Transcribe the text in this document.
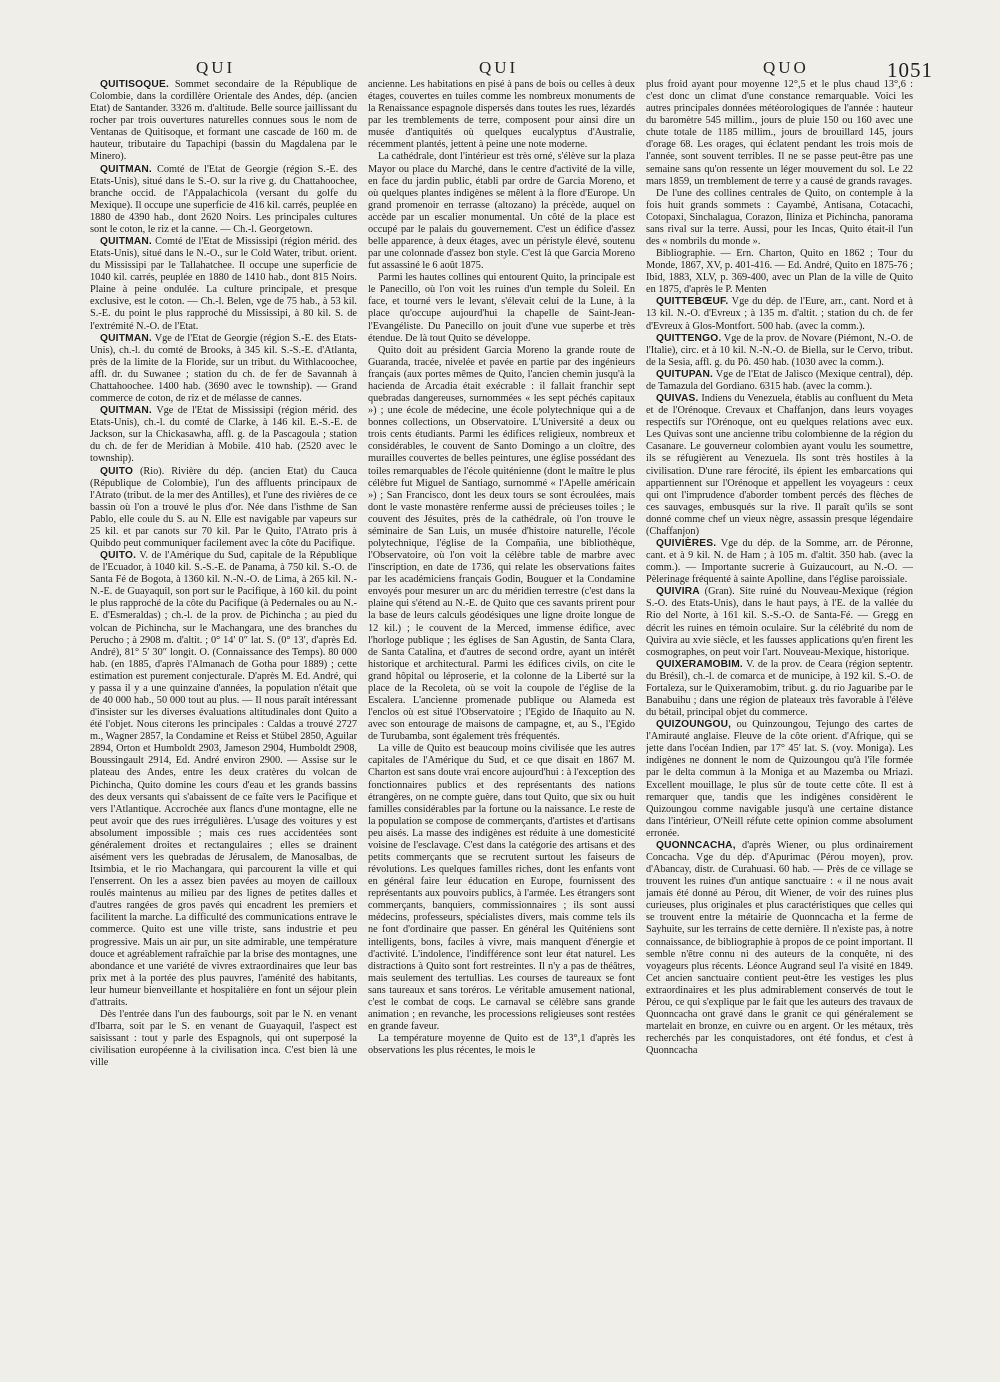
QUI	QUI	QUO	1051

QUITISOQUE. Sommet secondaire de la République de Colombie, dans la cordillère Orientale des Andes, dép. (ancien Etat) de Santander. 3326 m. d'altitude. Belle source jaillissant du rocher par trois ouvertures naturelles connues sous le nom de Ventanas de Quitisoque, et formant une cascade de 160 m. de hauteur, tributaire du Tapachipi (bassin du Magdalena par le Minero).

QUITMAN. Comté de l'Etat de Georgie (région S.-E. des Etats-Unis), situé dans le S.-O. sur la rive g. du Chattahoochee, branche occid. de l'Appalachicola (versant du golfe du Mexique). Il occupe une superficie de 416 kil. carrés, peuplée en 1880 de 4390 hab., dont 2620 Noirs. Les principales cultures sont le coton, le riz et la canne. — Ch.-l. Georgetown.

QUITMAN. Comté de l'Etat de Mississipi (région mérid. des Etats-Unis), situé dans le N.-O., sur le Cold Water, tribut. orient. du Mississipi par le Tallahatchee. Il occupe une superficie de 1040 kil. carrés, peuplée en 1880 de 1410 hab., dont 815 Noirs. Plaine à peine ondulée. La culture principale, et presque exclusive, est le coton. — Ch.-l. Belen, vge de 75 hab., à 53 kil. S.-E. du point le plus rapproché du Mississipi, à 80 kil. S. de l'extrémité N.-O. de l'Etat.

QUITMAN. Vge de l'Etat de Georgie (région S.-E. des Etats-Unis), ch.-l. du comté de Brooks, à 345 kil. S.-S.-E. d'Atlanta, près de la limite de la Floride, sur un tribut. du Withlacoochee, affl. dr. du Suwanee ; station du ch. de fer de Savannah à Chattahoochee. 1400 hab. (3690 avec le township). — Grand commerce de coton, de riz et de mélasse de cannes.

QUITMAN. Vge de l'Etat de Mississipi (région mérid. des Etats-Unis), ch.-l. du comté de Clarke, à 146 kil. E.-S.-E. de Jackson, sur la Chickasawha, affl. g. de la Pascagoula ; station du ch. de fer de Meridian à Mobile. 410 hab. (2520 avec le township).

QUITO (Rio). Rivière du dép. (ancien Etat) du Cauca (République de Colombie), l'un des affluents principaux de l'Atrato (tribut. de la mer des Antilles), et l'une des rivières de ce bassin où l'on a trouvé le plus d'or. Née dans l'isthme de San Pablo, elle coule du S. au N. Elle est navigable par vapeurs sur 25 kil. et par canots sur 70 kil. Par le Quito, l'Atrato pris à Quibdo peut communiquer facilement avec la côte du Pacifique.

QUITO. V. de l'Amérique du Sud, capitale de la République de l'Ecuador, à 1040 kil. S.-S.-E. de Panama, à 750 kil. S.-O. de Santa Fé de Bogota, à 1360 kil. N.-N.-O. de Lima, à 265 kil. N.-N.-E. de Guayaquil, son port sur le Pacifique, à 160 kil. du point le plus rapproché de la côte du Pacifique (à Pedernales ou au N.-E. d'Esmeraldas) ; ch.-l. de la prov. de Pichincha ; au pied du volcan de Pichincha, sur le Machangara, une des branches du Perucho ; à 2908 m. d'altit. ; 0° 14′ 0″ lat. S. (0° 13′, d'après Ed. André), 81° 5′ 30″ longit. O. (Connaissance des Temps). 80 000 hab. (en 1885, d'après l'Almanach de Gotha pour 1889) ; cette estimation est purement conjecturale. D'après M. Ed. André, qui y passa il y a une quinzaine d'années, la population n'était que de 40 000 hab., 50 000 tout au plus. — Il nous paraît intéressant d'insister sur les diverses évaluations altitudinales dont Quito a été l'objet. Nous citerons les principales : Caldas a trouvé 2727 m., Wagner 2857, la Condamine et Reiss et Stübel 2850, Aguilar 2894, Orton et Humboldt 2903, Jameson 2904, Humboldt 2908, Boussingault 2914, Ed. André environ 2900. — Assise sur le plateau des Andes, entre les deux cratères du volcan de Pichincha, Quito domine les cours d'eau et les grands bassins des deux versants qui s'abaissent de ce faîte vers le Pacifique et vers l'Atlantique. Accrochée aux flancs d'une montagne, elle ne peut avoir que des rues irrégulières. L'usage des voitures y est absolument impossible ; mais ces rues accidentées sont généralement droites et rectangulaires ; elles se drainent aisément vers les quebradas de Jérusalem, de Manosalbas, de Itsimbia, et le rio Machangara, qui parcourent la ville et qui l'enserrent. On les a assez bien pavées au moyen de cailloux roulés maintenus au milieu par des lignes de petites dalles et d'autres rangées de gros pavés qui encadrent les premiers et facilitent la marche. La difficulté des communications entrave le commerce. Quito est une ville triste, sans industrie et peu progressive. Mais un air pur, un site admirable, une température douce et agréablement rafraîchie par la brise des montagnes, une abondance et une variété de vivres extraordinaires que leur bas prix met à la portée des plus pauvres, l'aménité des habitants, leur humeur bienveillante et hospitalière en font un séjour plein d'attraits.

Dès l'entrée dans l'un des faubourgs, soit par le N. en venant d'Ibarra, soit par le S. en venant de Guayaquil, l'aspect est saisissant : tout y parle des Espagnols, qui ont superposé la civilisation européenne à la civilisation inca. C'est bien là une ville

ancienne. Les habitations en pisé à pans de bois ou celles à deux étages, couvertes en tuiles comme les nombreux monuments de la Renaissance espagnole dispersés dans toutes les rues, lézardés par les tremblements de terre, composent pour ainsi dire un musée d'antiquités où quelques eucalyptus d'Australie, récemment plantés, jettent à peine une note moderne.

La cathédrale, dont l'intérieur est très orné, s'élève sur la plaza Mayor ou place du Marché, dans le centre d'activité de la ville, en face du jardin public, établi par ordre de Garcia Moreno, et où quelques plantes indigènes se mêlent à la flore d'Europe. Un grand promenoir en terrasse (altozano) la précède, auquel on accède par un escalier monumental. Un côté de la place est occupé par le palais du gouvernement. C'est un édifice d'assez belle apparence, à deux étages, avec un péristyle élevé, soutenu par une colonnade d'assez bon style. C'est là que Garcia Moreno fut assassiné le 6 août 1875.

Parmi les hautes collines qui entourent Quito, la principale est le Panecillo, où l'on voit les ruines d'un temple du Soleil. En face, et tourné vers le levant, s'élevait celui de la Lune, à la place qu'occupe aujourd'hui la chapelle de Saint-Jean-l'Evangéliste. Du Panecillo on jouit d'une vue superbe et très étendue. De là tout Quito se développe.

Quito doit au président Garcia Moreno la grande route de Guaranda, tracée, nivelée et pavée en partie par des ingénieurs français (aux portes mêmes de Quito, l'ancien chemin jusqu'à la hacienda de Arcadia était exécrable : il fallait franchir sept quebradas dangereuses, surnommées « les sept péchés capitaux ») ; une école de médecine, une école polytechnique qui a de bonnes collections, un Observatoire. L'Université a deux ou trois cents étudiants. Parmi les édifices religieux, nombreux et considérables, le couvent de Santo Domingo a un cloître, des murailles couvertes de belles peintures, une église possédant des toiles remarquables de l'école quiténienne (dont le maître le plus célèbre fut Miguel de Santiago, surnommé « l'Apelle américain ») ; San Francisco, dont les deux tours se sont écroulées, mais dont le vaste monastère renferme aussi de précieuses toiles ; le couvent des Jésuites, près de la cathédrale, où l'on trouve le séminaire de San Luis, un musée d'histoire naturelle, l'école polytechnique, l'église de la Compañia, une bibliothèque, l'Observatoire, où l'on voit la célèbre table de marbre avec l'inscription, en date de 1736, qui relate les observations faites par les académiciens français Godin, Bouguer et la Condamine envoyés pour mesurer un arc du méridien terrestre (c'est dans la plaine qui s'étend au N.-E. de Quito que ces savants prirent pour la base de leurs calculs géodésiques une ligne droite longue de 12 kil.) ; le couvent de la Merced, immense édifice, avec l'horloge publique ; les églises de San Agustin, de Santa Clara, de Santa Catalina, et d'autres de second ordre, ayant un intérêt historique et architectural. Parmi les édifices civils, on cite le grand hôpital ou léproserie, et la colonne de la Liberté sur la place de la Recoleta, où se voit la coupole de l'église de la Escalera. L'ancienne promenade publique ou Alameda est l'enclos où est situé l'Observatoire ; l'Egido de Iñaquito au N. avec son entourage de maisons de campagne, et, au S., l'Egido de Turubamba, sont également très fréquentés.

La ville de Quito est beaucoup moins civilisée que les autres capitales de l'Amérique du Sud, et ce que disait en 1867 M. Charton est sans doute vrai encore aujourd'hui : à l'exception des fonctionnaires publics et des représentants des nations étrangères, on ne compte guère, dans tout Quito, que six ou huit familles considérables par la fortune ou la naissance. Le reste de la population se compose de commerçants, d'artistes et d'artisans peu aisés. La masse des indigènes est réduite à une domesticité voisine de l'esclavage. C'est dans la catégorie des artisans et des petits commerçants que se recrutent surtout les faiseurs de révolutions. Les quelques familles riches, dont les enfants vont en général faire leur éducation en Europe, fournissent des représentants aux pouvoirs publics, à l'armée. Les étrangers sont commerçants, banquiers, commissionnaires ; ils sont aussi médecins, professeurs, spécialistes divers, mais comme tels ils ne font d'ordinaire que passer. En général les Quiténiens sont intelligents, bons, faciles à vivre, mais manquent d'énergie et d'activité. L'indolence, l'indifférence sont leur état naturel. Les distractions à Quito sont fort restreintes. Il n'y a pas de théâtres, mais seulement des tertullias. Les courses de taureaux se font sans taureaux et sans toréros. Le véritable amusement national, c'est le combat de coqs. Le carnaval se célèbre sans grande animation ; en revanche, les processions religieuses sont restées en grande faveur.

La température moyenne de Quito est de 13°,1 d'après les observations les plus récentes, le mois le

plus froid ayant pour moyenne 12°,5 et le plus chaud 13°,6 : c'est donc un climat d'une constance remarquable. Voici les autres principales données météorologiques de l'année : hauteur du baromètre 545 millim., jours de pluie 150 ou 160 avec une chute totale de 1185 millim., jours de brouillard 145, jours d'orage 68. Les orages, qui éclatent pendant les trois mois de l'année, sont souvent terribles. Il ne se passe peut-être pas une semaine sans qu'on ressente un léger mouvement du sol. Le 22 mars 1859, un tremblement de terre y a causé de grands ravages.

De l'une des collines centrales de Quito, on contemple à la fois huit grands sommets : Cayambé, Antisana, Cotacachi, Cotopaxi, Sinchalagua, Corazon, Iliniza et Pichincha, panorama sans rival sur la terre. Aussi, pour les Incas, Quito était-il l'un des « nombrils du monde ».

Bibliographie. — Ern. Charton, Quito en 1862 ; Tour du Monde, 1867, XV, p. 401-416. — Ed. André, Quito en 1875-76 ; Ibid, 1883, XLV, p. 369-400, avec un Plan de la ville de Quito en 1875, d'après le P. Menten

QUITTEBŒUF. Vge du dép. de l'Eure, arr., cant. Nord et à 13 kil. N.-O. d'Evreux ; à 135 m. d'altit. ; station du ch. de fer d'Evreux à Glos-Montfort. 500 hab. (avec la comm.).

QUITTENGO. Vge de la prov. de Novare (Piémont, N.-O. de l'Italie), circ. et à 10 kil. N.-N.-O. de Biella, sur le Cervo, tribut. de la Sesia, affl. g. du Pô. 450 hab. (1030 avec la comm.).

QUITUPAN. Vge de l'Etat de Jalisco (Mexique central), dép. de Tamazula del Gordiano. 6315 hab. (avec la comm.).

QUIVAS. Indiens du Venezuela, établis au confluent du Meta et de l'Orénoque. Crevaux et Chaffanjon, dans leurs voyages respectifs sur l'Orénoque, ont eu quelques relations avec eux. Les Quivas sont une ancienne tribu colombienne de la région du Casanare. Le gouverneur colombien ayant voulu les soumettre, ils se réfugièrent au Venezuela. Ils sont très hostiles à la civilisation. D'une rare férocité, ils épient les embarcations qui appartiennent sur l'Orénoque et appellent les voyageurs : ceux qui ont l'imprudence d'aborder tombent percés des flèches de ces sauvages, embusqués sur la rive. Il paraît qu'ils se sont donné comme chef un vieux nègre, assassin presque légendaire (Chaffanjon)

QUIVIÈRES. Vge du dép. de la Somme, arr. de Péronne, cant. et à 9 kil. N. de Ham ; à 105 m. d'altit. 350 hab. (avec la comm.). — Importante sucrerie à Guizaucourt, au N.-O. — Pèlerinage fréquenté à sainte Apolline, dans l'église paroissiale.

QUIVIRA (Gran). Site ruiné du Nouveau-Mexique (région S.-O. des Etats-Unis), dans le haut pays, à l'E. de la vallée du Rio del Norte, à 161 kil. S.-S.-O. de Santa-Fé. — Gregg en décrit les ruines en témoin oculaire. Sur la célébrité du nom de Quivira au xvie siècle, et les fausses applications qu'en firent les cosmographes, on peut voir l'art. Nouveau-Mexique, historique.

QUIXERAMOBIM. V. de la prov. de Ceara (région septentr. du Brésil), ch.-l. de comarca et de municipe, à 192 kil. S.-O. de Fortaleza, sur le Quixeramobim, tribut. g. du rio Jaguaribe par le Banabuihu ; dans une région de plateaux très favorable à l'élève du bétail, principal objet du commerce.

QUIZOUNGOU, ou Quinzoungou, Tejungo des cartes de l'Amirauté anglaise. Fleuve de la côte orient. d'Afrique, qui se jette dans l'océan Indien, par 17° 45′ lat. S. (voy. Moniga). Les indigènes ne donnent le nom de Quizoungou qu'à l'île formée par le delta commun à la Moniga et au Mazemba ou Mriazi. Excellent mouillage, le plus sûr de toute cette côte. Il est à remarquer que, tandis que les indigènes considèrent le Quizoungou comme navigable jusqu'à une certaine distance dans l'intérieur, O'Neill réfute cette opinion comme absolument erronée.

QUONNCACHA, d'après Wiener, ou plus ordinairement Concacha. Vge du dép. d'Apurimac (Pérou moyen), prov. d'Abancay, distr. de Curahuasi. 60 hab. — Près de ce village se trouvent les ruines d'un antique sanctuaire : « il ne nous avait jamais été donné au Pérou, dit Wiener, de voir des ruines plus curieuses, plus originales et plus caractéristiques que celles qui se trouvent entre la métairie de Quonncacha et la ferme de Sayhuite, sur les terrains de cette dernière. Il n'existe pas, à notre connaissance, de bibliographie à propos de ce point important. Il semble n'être connu ni des auteurs de la conquête, ni des voyageurs plus récents. Léonce Augrand seul l'a visité en 1849. Cet ancien sanctuaire contient peut-être les vestiges les plus extraordinaires et les plus admirablement conservés de tout le Pérou, ce qui s'explique par le fait que les auteurs des travaux de Quonncacha ont gravé dans le granit ce qui généralement se martelait en bronze, en cuivre ou en argent. Or les métaux, très recherchés par les conquistadores, ont été fondus, et c'est à Quonncacha
